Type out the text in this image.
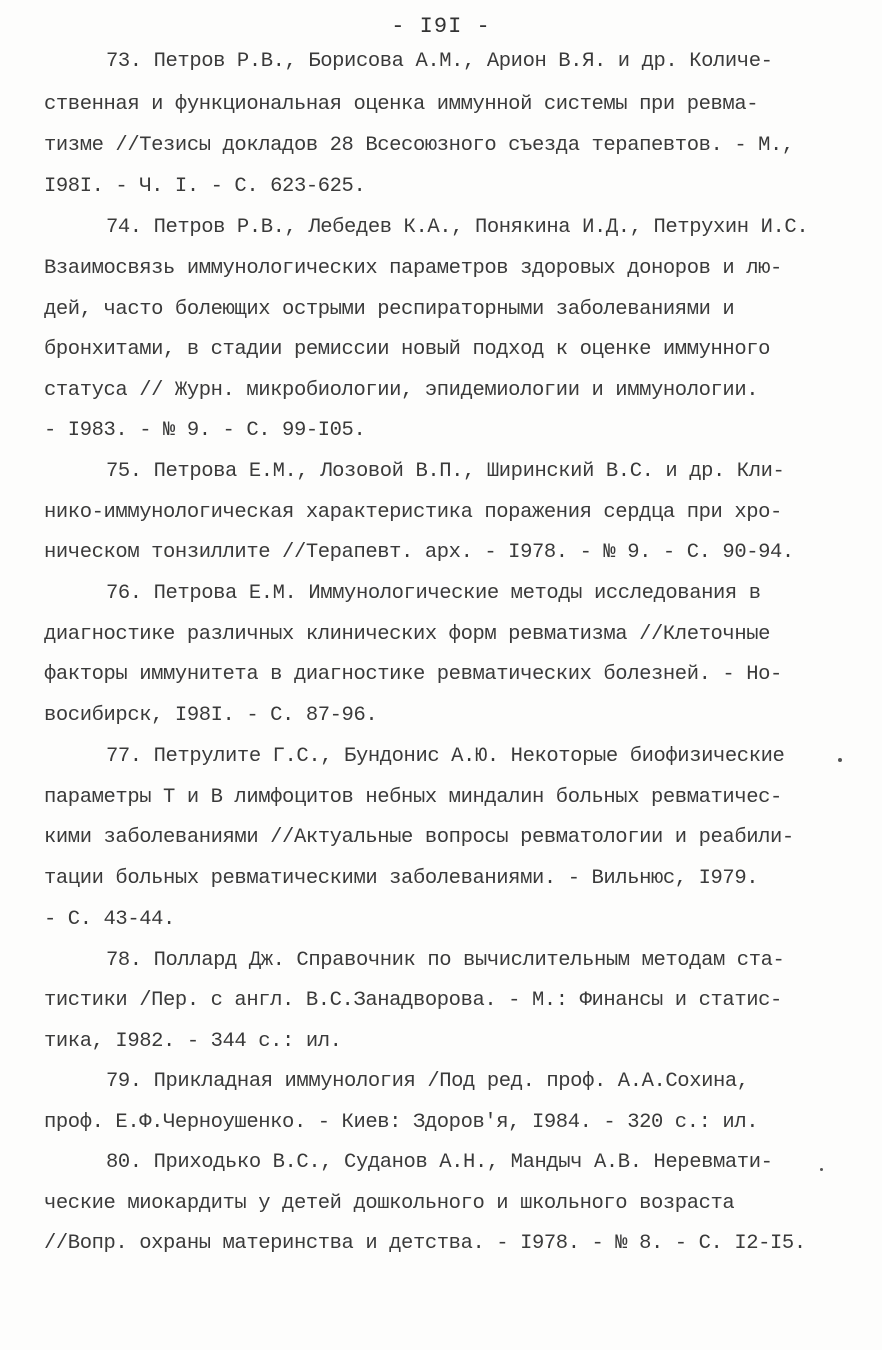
- I9I -
73. Петров Р.В., Борисова А.М., Арион В.Я. и др. Количе-
ственная и функциональная оценка иммунной системы при ревма-
тизме //Тезисы докладов 28 Всесоюзного съезда терапевтов. - М.,
I98I. - Ч. I. - С. 623-625.
74. Петров Р.В., Лебедев К.А., Понякина И.Д., Петрухин И.С.
Взаимосвязь иммунологических параметров здоровых доноров и лю-
дей, часто болеющих острыми респираторными заболеваниями и
бронхитами, в стадии ремиссии новый подход к оценке иммунного
статуса // Журн. микробиологии, эпидемиологии и иммунологии.
- I983. - № 9. - С. 99-I05.
75. Петрова Е.М., Лозовой В.П., Ширинский В.С. и др. Кли-
нико-иммунологическая характеристика поражения сердца при хро-
ническом тонзиллите //Терапевт. арх. - I978. - № 9. - С. 90-94.
76. Петрова Е.М. Иммунологические методы исследования в
диагностике различных клинических форм ревматизма //Клеточные
факторы иммунитета в диагностике ревматических болезней. - Но-
восибирск, I98I. - С. 87-96.
77. Петрулите Г.С., Бундонис А.Ю. Некоторые биофизические
параметры Т и В лимфоцитов небных миндалин больных ревматичес-
кими заболеваниями //Актуальные вопросы ревматологии и реабили-
тации больных ревматическими заболеваниями. - Вильнюс, I979.
- С. 43-44.
78. Поллард Дж. Справочник по вычислительным методам ста-
тистики /Пер. с англ. В.С.Занадворова. - М.: Финансы и статис-
тика, I982. - 344 с.: ил.
79. Прикладная иммунология /Под ред. проф. А.А.Сохина,
проф. Е.Ф.Черноушенко. - Киев: Здоров'я, I984. - 320 с.: ил.
80. Приходько В.С., Суданов А.Н., Мандыч А.В. Неревмати-
ческие миокардиты у детей дошкольного и школьного возраста
//Вопр. охраны материнства и детства. - I978. - № 8. - С. I2-I5.
